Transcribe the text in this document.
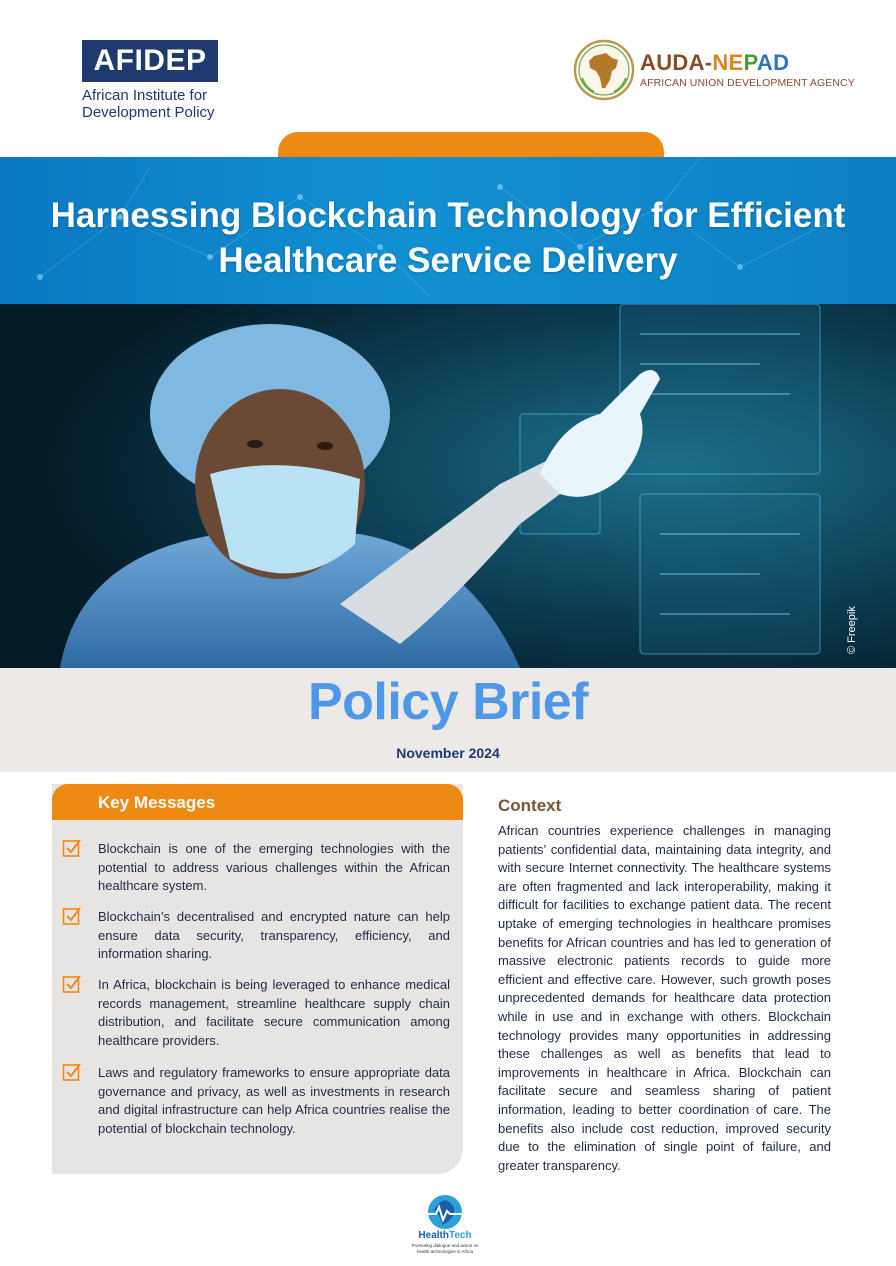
AFIDEP
African Institute for
Development Policy
AUDA-NEPAD
AFRICAN UNION DEVELOPMENT AGENCY
Harnessing Blockchain Technology for Efficient
Healthcare Service Delivery
© Freepik
Policy Brief
November 2024
Key Messages
Blockchain is one of the emerging technologies with the potential to address various challenges within the African healthcare system.
Blockchain’s decentralised and encrypted nature can help ensure data security, transparency, efficiency, and information sharing.
In Africa, blockchain is being leveraged to enhance medical records management, streamline healthcare supply chain distribution, and facilitate secure communication among healthcare providers.
Laws and regulatory frameworks to ensure appropriate data governance and privacy, as well as investments in research and digital infrastructure can help Africa countries realise the potential of blockchain technology.
Context
African countries experience challenges in managing patients’ confidential data, maintaining data integrity, and with secure Internet connectivity. The healthcare systems are often fragmented and lack interoperability, making it difficult for facilities to exchange patient data. The recent uptake of emerging technologies in healthcare promises benefits for African countries and has led to generation of massive electronic patients records to guide more efficient and effective care. However, such growth poses unprecedented demands for healthcare data protection while in use and in exchange with others. Blockchain technology provides many opportunities in addressing these challenges as well as benefits that lead to improvements in healthcare in Africa. Blockchain can facilitate secure and seamless sharing of patient information, leading to better coordination of care. The benefits also include cost reduction, improved security due to the elimination of single point of failure, and greater transparency.
HealthTech
Promoting dialogue and action on health technologies in Africa
